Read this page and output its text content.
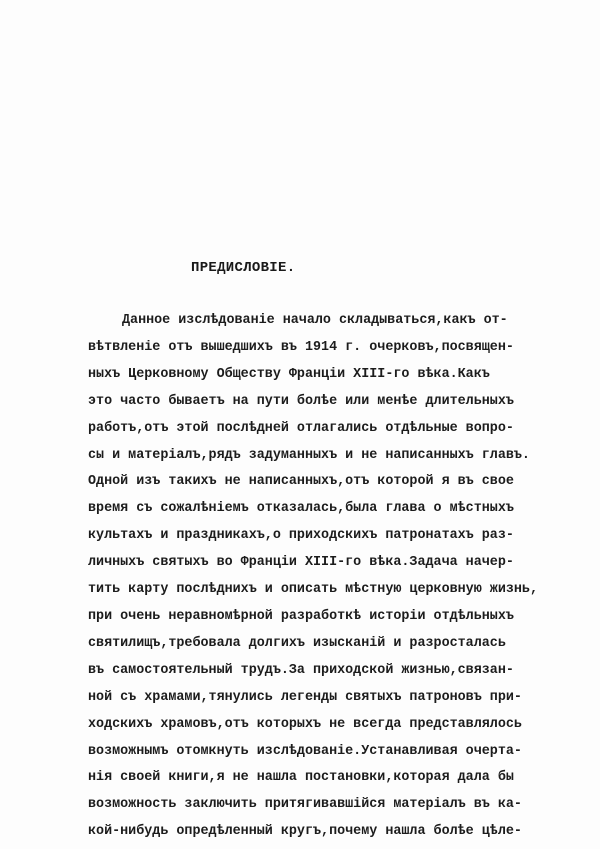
ПРЕДИСЛОВІЕ.
Данное изслѣдованіе начало складываться,какъ от-
вѣтвленіе отъ вышедшихъ въ 1914 г. очерковъ,посвящен-
ныхъ Церковному Обществу Франціи XIII-го вѣка.Какъ
это часто бываетъ на пути болѣе или менѣе длительныхъ
работъ,отъ этой послѣдней отлагались отдѣльные вопро-
сы и матеріалъ,рядъ задуманныхъ и не написанныхъ главъ.
Одной изъ такихъ не написанныхъ,отъ которой я въ свое
время съ сожалѣніемъ отказалась,была глава о мѣстныхъ
культахъ и праздникахъ,о приходскихъ патронатахъ раз-
личныхъ святыхъ во Франціи XIII-го вѣка.Задача начер-
тить карту послѣднихъ и описать мѣстную церковную жизнь,
при очень неравномѣрной разработкѣ исторіи отдѣльныхъ
святилищъ,требовала долгихъ изысканій и разросталась
въ самостоятельный трудъ.За приходской жизнью,связан-
ной съ храмами,тянулись легенды святыхъ патроновъ при-
ходскихъ храмовъ,отъ которыхъ не всегда представлялось
возможнымъ отомкнуть изслѣдованіе.Устанавливая очерта-
нія своей книги,я не нашла постановки,которая дала бы
возможность заключить притягивавшійся матеріалъ въ ка-
кой-нибудь опредѣленный кругъ,почему нашла болѣе цѣле-
